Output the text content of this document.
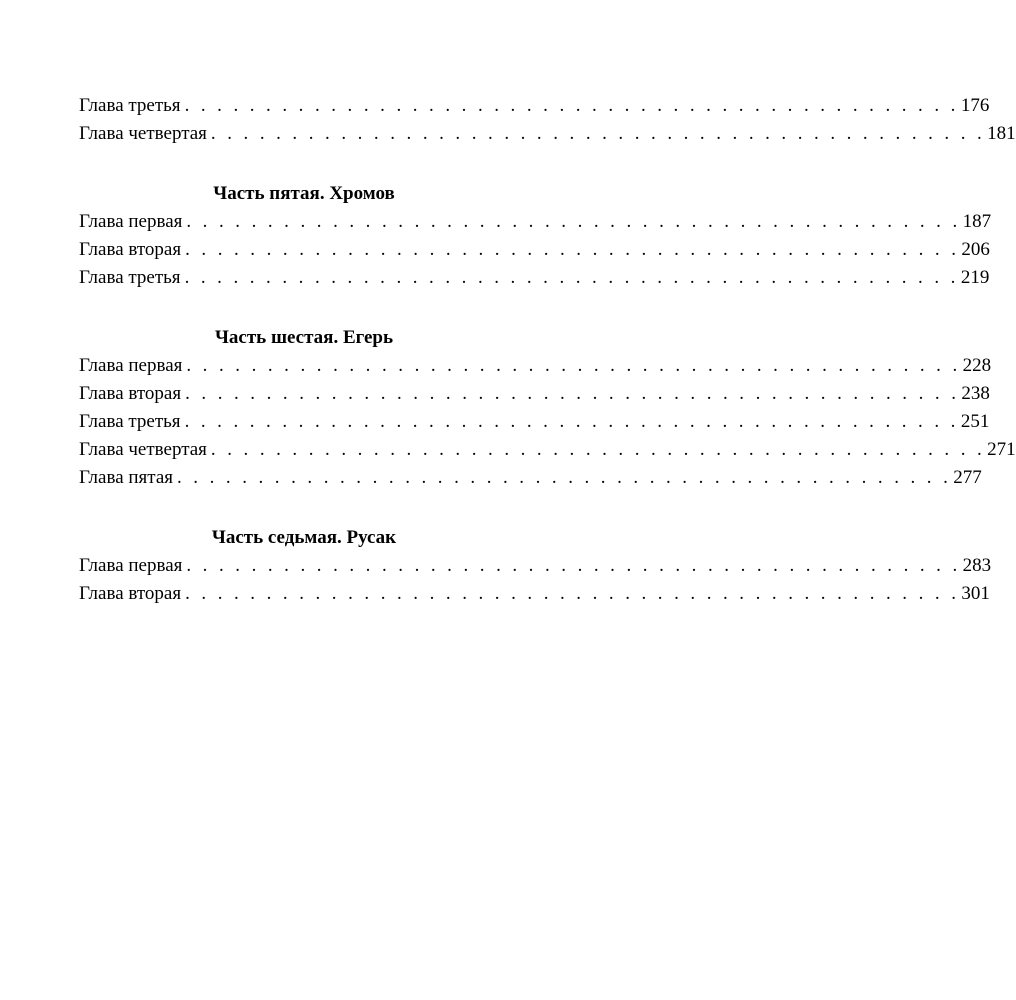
Глава третья . . . . . . . . . . . . . . . . . . . . . . . . . . . . . . . . . . . . . . . . . . . . . . . . 176
Глава четвертая . . . . . . . . . . . . . . . . . . . . . . . . . . . . . . . . . . . . . . . . . . . . . . . . 181
Часть пятая. Хромов
Глава первая . . . . . . . . . . . . . . . . . . . . . . . . . . . . . . . . . . . . . . . . . . . . . . . . 187
Глава вторая . . . . . . . . . . . . . . . . . . . . . . . . . . . . . . . . . . . . . . . . . . . . . . . . 206
Глава третья . . . . . . . . . . . . . . . . . . . . . . . . . . . . . . . . . . . . . . . . . . . . . . . . 219
Часть шестая. Егерь
Глава первая . . . . . . . . . . . . . . . . . . . . . . . . . . . . . . . . . . . . . . . . . . . . . . . . 228
Глава вторая . . . . . . . . . . . . . . . . . . . . . . . . . . . . . . . . . . . . . . . . . . . . . . . . 238
Глава третья . . . . . . . . . . . . . . . . . . . . . . . . . . . . . . . . . . . . . . . . . . . . . . . . 251
Глава четвертая . . . . . . . . . . . . . . . . . . . . . . . . . . . . . . . . . . . . . . . . . . . . . . . . 271
Глава пятая . . . . . . . . . . . . . . . . . . . . . . . . . . . . . . . . . . . . . . . . . . . . . . . . 277
Часть седьмая. Русак
Глава первая . . . . . . . . . . . . . . . . . . . . . . . . . . . . . . . . . . . . . . . . . . . . . . . . 283
Глава вторая . . . . . . . . . . . . . . . . . . . . . . . . . . . . . . . . . . . . . . . . . . . . . . . . 301
